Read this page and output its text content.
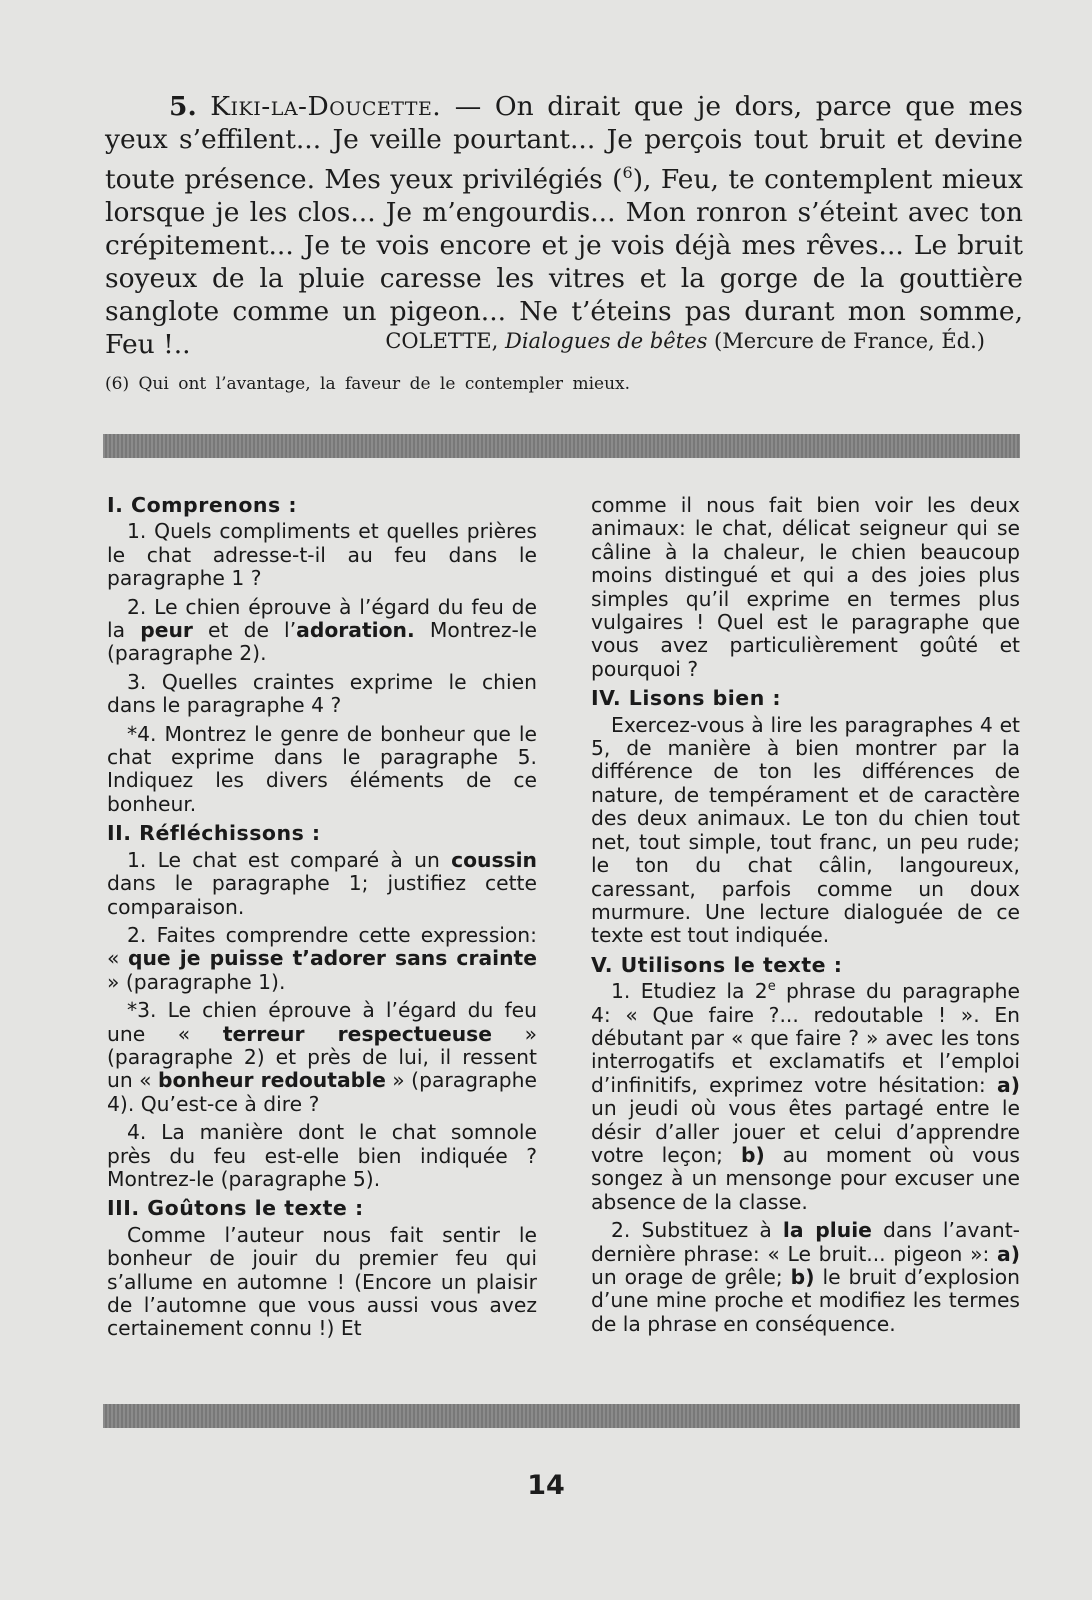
5. Kiki-la-Doucette. — On dirait que je dors, parce que mes yeux s’effilent... Je veille pourtant... Je perçois tout bruit et devine toute présence. Mes yeux privilégiés ($^6$), Feu, te contemplent mieux lorsque je les clos... Je m’engourdis... Mon ronron s’éteint avec ton crépitement... Je te vois encore et je vois déjà mes rêves... Le bruit soyeux de la pluie caresse les vitres et la gorge de la gouttière sanglote comme un pigeon... Ne t’éteins pas durant mon somme, Feu !..	COLETTE, Dialogues de bêtes (Mercure de France, Éd.)
(6) Qui ont l’avantage, la faveur de le contempler mieux.
I. Comprenons :

1. Quels compliments et quelles prières le chat adresse-t-il au feu dans le paragraphe 1 ?

2. Le chien éprouve à l’égard du feu de la peur et de l’adoration. Montrez-le (paragraphe 2).

3. Quelles craintes exprime le chien dans le paragraphe 4 ?

*4. Montrez le genre de bonheur que le chat exprime dans le paragraphe 5. Indiquez les divers éléments de ce bonheur.

II. Réfléchissons :

1. Le chat est comparé à un coussin dans le paragraphe 1; justifiez cette comparaison.

2. Faites comprendre cette expression: « que je puisse t’adorer sans crainte » (paragraphe 1).

*3. Le chien éprouve à l’égard du feu une « terreur respectueuse » (paragraphe 2) et près de lui, il ressent un « bonheur redoutable » (paragraphe 4). Qu’est-ce à dire ?

4. La manière dont le chat somnole près du feu est-elle bien indiquée ? Montrez-le (paragraphe 5).

III. Goûtons le texte :

Comme l’auteur nous fait sentir le bonheur de jouir du premier feu qui s’allume en automne ! (Encore un plaisir de l’automne que vous aussi vous avez certainement connu !) Et

comme il nous fait bien voir les deux animaux: le chat, délicat seigneur qui se câline à la chaleur, le chien beaucoup moins distingué et qui a des joies plus simples qu’il exprime en termes plus vulgaires ! Quel est le paragraphe que vous avez particulièrement goûté et pourquoi ?

IV. Lisons bien :

Exercez-vous à lire les paragraphes 4 et 5, de manière à bien montrer par la différence de ton les différences de nature, de tempérament et de caractère des deux animaux. Le ton du chien tout net, tout simple, tout franc, un peu rude; le ton du chat câlin, langoureux, caressant, parfois comme un doux murmure. Une lecture dialoguée de ce texte est tout indiquée.

V. Utilisons le texte :

1. Etudiez la 2e phrase du paragraphe 4: « Que faire ?... redoutable ! ». En débutant par « que faire ? » avec les tons interrogatifs et exclamatifs et l’emploi d’infinitifs, exprimez votre hésitation: a) un jeudi où vous êtes partagé entre le désir d’aller jouer et celui d’apprendre votre leçon; b) au moment où vous songez à un mensonge pour excuser une absence de la classe.

2. Substituez à la pluie dans l’avant-dernière phrase: « Le bruit... pigeon »: a) un orage de grêle; b) le bruit d’explosion d’une mine proche et modifiez les termes de la phrase en conséquence.

14
